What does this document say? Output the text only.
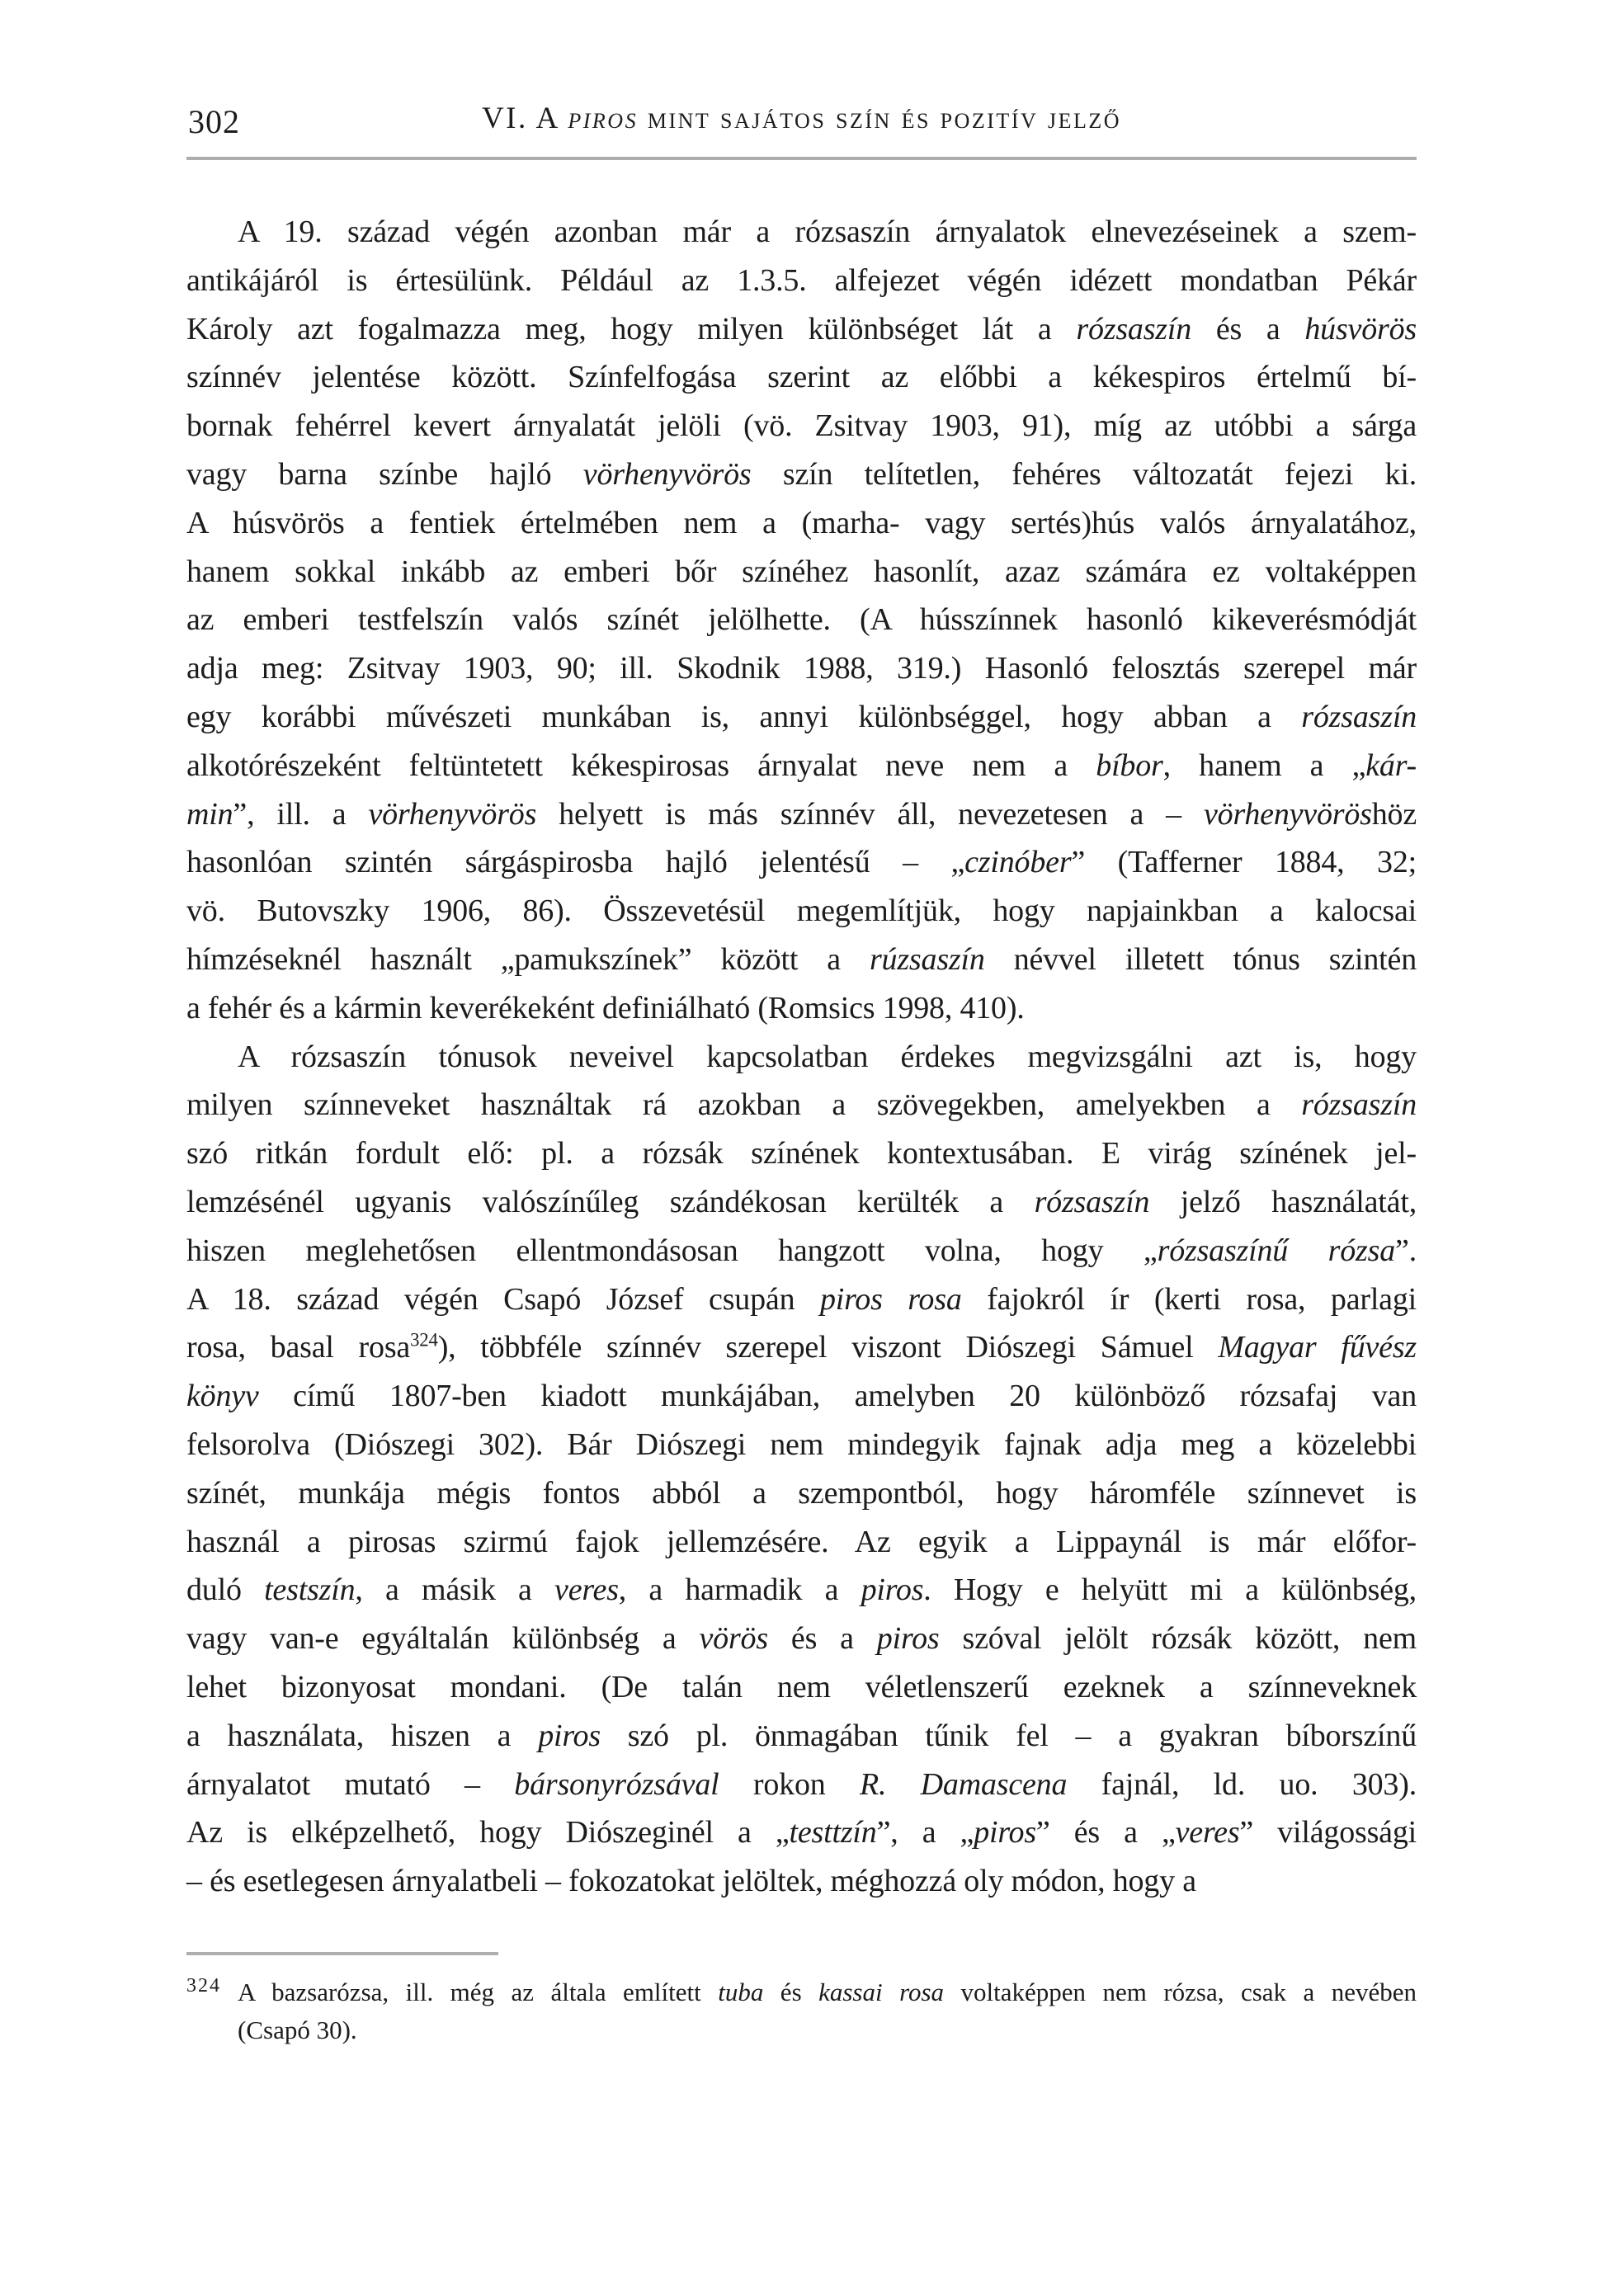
302	VI. A piros mint sajátos szín és pozitív jelző
A 19. század végén azonban már a rózsaszín árnyalatok elnevezéseinek a szem-
antikájáról is értesülünk. Például az 1.3.5. alfejezet végén idézett mondatban Pékár
Károly azt fogalmazza meg, hogy milyen különbséget lát a rózsaszín és a húsvörös
színnév jelentése között. Színfelfogása szerint az előbbi a kékespiros értelmű bí-
bornak fehérrel kevert árnyalatát jelöli (vö. Zsitvay 1903, 91), míg az utóbbi a sárga
vagy barna színbe hajló vörhenyvörös szín telítetlen, fehéres változatát fejezi ki.
A húsvörös a fentiek értelmében nem a (marha- vagy sertés)hús valós árnyalatához,
hanem sokkal inkább az emberi bőr színéhez hasonlít, azaz számára ez voltaképpen
az emberi testfelszín valós színét jelölhette. (A hússzínnek hasonló kikeverésmódját
adja meg: Zsitvay 1903, 90; ill. Skodnik 1988, 319.) Hasonló felosztás szerepel már
egy korábbi művészeti munkában is, annyi különbséggel, hogy abban a rózsaszín
alkotórészeként feltüntetett kékespirosas árnyalat neve nem a bíbor, hanem a „kár-
min”, ill. a vörhenyvörös helyett is más színnév áll, nevezetesen a – vörhenyvöröshöz
hasonlóan szintén sárgáspirosba hajló jelentésű – „czinóber” (Tafferner 1884, 32;
vö. Butovszky 1906, 86). Összevetésül megemlítjük, hogy napjainkban a kalocsai
hímzéseknél használt „pamukszínek” között a rúzsaszín névvel illetett tónus szintén
a fehér és a kármin keverékeként definiálható (Romsics 1998, 410).
A rózsaszín tónusok neveivel kapcsolatban érdekes megvizsgálni azt is, hogy
milyen színneveket használtak rá azokban a szövegekben, amelyekben a rózsaszín
szó ritkán fordult elő: pl. a rózsák színének kontextusában. E virág színének jel-
lemzésénél ugyanis valószínűleg szándékosan kerülték a rózsaszín jelző használatát,
hiszen meglehetősen ellentmondásosan hangzott volna, hogy „rózsaszínű rózsa”.
A 18. század végén Csapó József csupán piros rosa fajokról ír (kerti rosa, parlagi
rosa, basal rosa$^{324}$), többféle színnév szerepel viszont Diószegi Sámuel Magyar fűvész
könyv című 1807-ben kiadott munkájában, amelyben 20 különböző rózsafaj van
felsorolva (Diószegi 302). Bár Diószegi nem mindegyik fajnak adja meg a közelebbi
színét, munkája mégis fontos abból a szempontból, hogy háromféle színnevet is
használ a pirosas szirmú fajok jellemzésére. Az egyik a Lippaynál is már előfor-
duló testszín, a másik a veres, a harmadik a piros. Hogy e helyütt mi a különbség,
vagy van-e egyáltalán különbség a vörös és a piros szóval jelölt rózsák között, nem
lehet bizonyosat mondani. (De talán nem véletlenszerű ezeknek a színneveknek
a használata, hiszen a piros szó pl. önmagában tűnik fel – a gyakran bíborszínű
árnyalatot mutató – bársonyrózsával rokon R. Damascena fajnál, ld. uo. 303).
Az is elképzelhető, hogy Diószeginél a „testtzín”, a „piros” és a „veres” világossági
– és esetlegesen árnyalatbeli – fokozatokat jelöltek, méghozzá oly módon, hogy a
324 A bazsarózsa, ill. még az általa említett tuba és kassai rosa voltaképpen nem rózsa, csak a nevében
(Csapó 30).
